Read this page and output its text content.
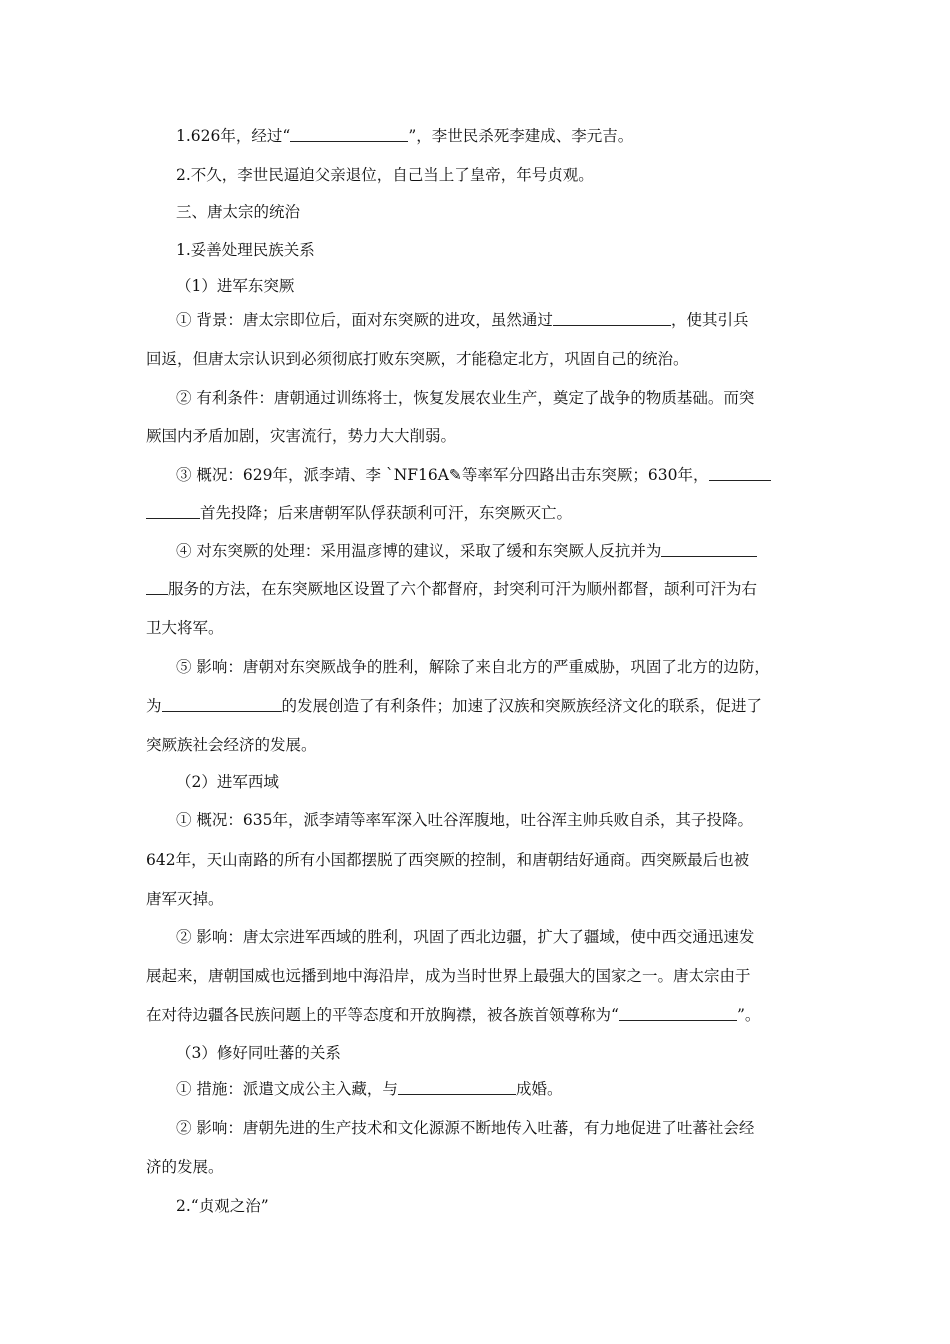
1.626年，经过“	”，李世民杀死李建成、李元吉。
2.不久，李世民逼迫父亲退位，自己当上了皇帝，年号贞观。
三、唐太宗的统治
1.妥善处理民族关系
（1）进军东突厥
① 背景：唐太宗即位后，面对东突厥的进攻，虽然通过	，使其引兵
回返，但唐太宗认识到必须彻底打败东突厥，才能稳定北方，巩固自己的统治。
② 有利条件：唐朝通过训练将士，恢复发展农业生产，奠定了战争的物质基础。而突
厥国内矛盾加剧，灾害流行，势力大大削弱。
③ 概况：629年，派李靖、李 `NF16A✎等率军分四路出击东突厥；630年，
首先投降；后来唐朝军队俘获颉利可汗，东突厥灭亡。
④ 对东突厥的处理：采用温彦博的建议，采取了缓和东突厥人反抗并为
服务的方法，在东突厥地区设置了六个都督府，封突利可汗为顺州都督，颉利可汗为右
卫大将军。
⑤ 影响：唐朝对东突厥战争的胜利，解除了来自北方的严重威胁，巩固了北方的边防，
为	的发展创造了有利条件；加速了汉族和突厥族经济文化的联系，促进了
突厥族社会经济的发展。
（2）进军西域
① 概况：635年，派李靖等率军深入吐谷浑腹地，吐谷浑主帅兵败自杀，其子投降。
642年，天山南路的所有小国都摆脱了西突厥的控制，和唐朝结好通商。西突厥最后也被
唐军灭掉。
② 影响：唐太宗进军西域的胜利，巩固了西北边疆，扩大了疆域，使中西交通迅速发
展起来，唐朝国威也远播到地中海沿岸，成为当时世界上最强大的国家之一。唐太宗由于
在对待边疆各民族问题上的平等态度和开放胸襟，被各族首领尊称为“	”。
（3）修好同吐蕃的关系
① 措施：派遣文成公主入藏，与	成婚。
② 影响：唐朝先进的生产技术和文化源源不断地传入吐蕃，有力地促进了吐蕃社会经
济的发展。
2.“贞观之治”
